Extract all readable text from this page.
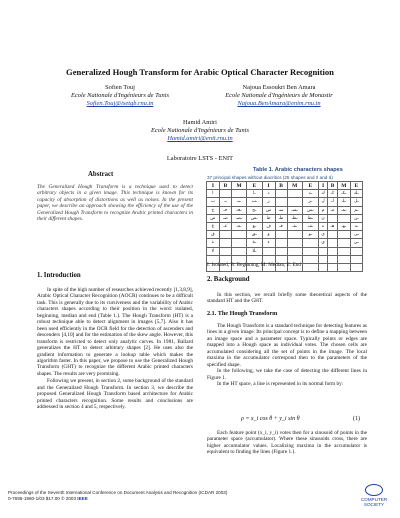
Generalized Hough Transform for Arabic Optical Character Recognition
Sofien Touj
Ecole Nationale d'Ingénieurs de Tunis
Sofien.Touj@isetgb.rnu.tn
Najoua Essoukri Ben Amara
Ecole Nationale d'Ingénieurs de Monastir
Najoua.BenAmara@enim.rnu.tn
Hamid Amiri
Ecole Nationale d'Ingénieurs de Tunis
Hamid.amiri@enit.rnu.tn
Laboratoire LSTS - ENIT
Abstract
The Generalized Hough Transform is a technique used to detect arbitrary objects in a given image. This technique is known for its capacity of absorption of distortions as well as noises. In the present paper, we describe an approach showing the efficiency of the use of the Generalized Hough Transform to recognize Arabic printed characters in their different shapes.
1. Introduction

In spite of the high number of researches achieved recently [1,3,8,9], Arabic Optical Character Recognition (AOCR) continues to be a difficult task. This is generally due to its cursiveness and the variability of Arabic characters shapes according to their position in the word: isolated, beginning, median and end (Table 1.). The Hough Transform (HT) is a robust technique able to detect alignment in images [5,7]. Also it has been used efficiently in the OCR field for the detection of ascenders and descenders [4,10] and for the estimation of the skew angle. However, this transform is restricted to detect only analytic curves. In 1981, Ballard generalizes the HT to detect arbitrary shapes [2]. He uses also the gradient information to generate a lookup table which makes the algorithm faster. In this paper, we propose to use the Generalized Hough Transform (GHT) to recognize the different Arabic printed characters shapes. The results are very promising.

Following we present, in section 2, some background of the standard and the Generalized Hough Transform. In section 3, we describe the proposed Generalized Hough Transform based architecture for Arabic printed characters recognition. Some results and conclusions are addressed in section 4 and 5, respectively.

Table 1. Arabic characters shapes
37 principal shapes without diacritics (25 shapes and ﻻ and ﻼ)
I	B	M	E	I	B	M	E	I	B	M	E
ا			ـا	د			ـد	ك	كـ	ـكـ	ـك
ب	بـ	ـبـ	ـب	ر			ـر	ل	لـ	ـلـ	ـل
ح	حـ	ـحـ	ـح	س	سـ	ـسـ	ـس	م	مـ	ـمـ	ـم
ص	صـ	ـصـ	ـص	ط	طـ	ـطـ	ـط	ن			ـن
ع	عـ	ـعـ	ـع	ف	فـ	ـفـ	ـف	ه	هـ	ـهـ	ـه
ق			ـق	و			ـو	ى			ـى
ة			ـة	ء				ي			ـي
لا			ـلا								

I: Isolated, B: Beginning, M: Median, E: End
2. Background

In this section, we recall briefly some theoretical aspects of the standard HT and the GHT.

2.1. The Hough Transform

The Hough Transform is a standard technique for detecting features as lines in a given image. Its principal concept is to define a mapping between an image space and a parameter space. Typically points or edges are mapped into a Hough space as individual votes. The chosen cells are accumulated considering all the set of points in the image. The local maxima in the accumulator correspond then to the parameters of the specified shape.

In the following, we take the case of detecting the different lines in Figure 1.

In the HT space, a line is represented in its normal form by:

ρ = x_i cos θ + y_i sin θ	(1)

Each feature point (x_i, y_i) votes then for a sinusoid of points in the parameter space (accumulator). Where these sinusoids cross, there are higher accumulator values. Localizing maxima in the accumulator is equivalent to finding the lines (Figure 1.).

Proceedings of the Seventh International Conference on Document Analysis and Recognition (ICDAR 2003)
0-7695-1960-1/03 $17.00 © 2003 IEEE	COMPUTER
SOCIETY
